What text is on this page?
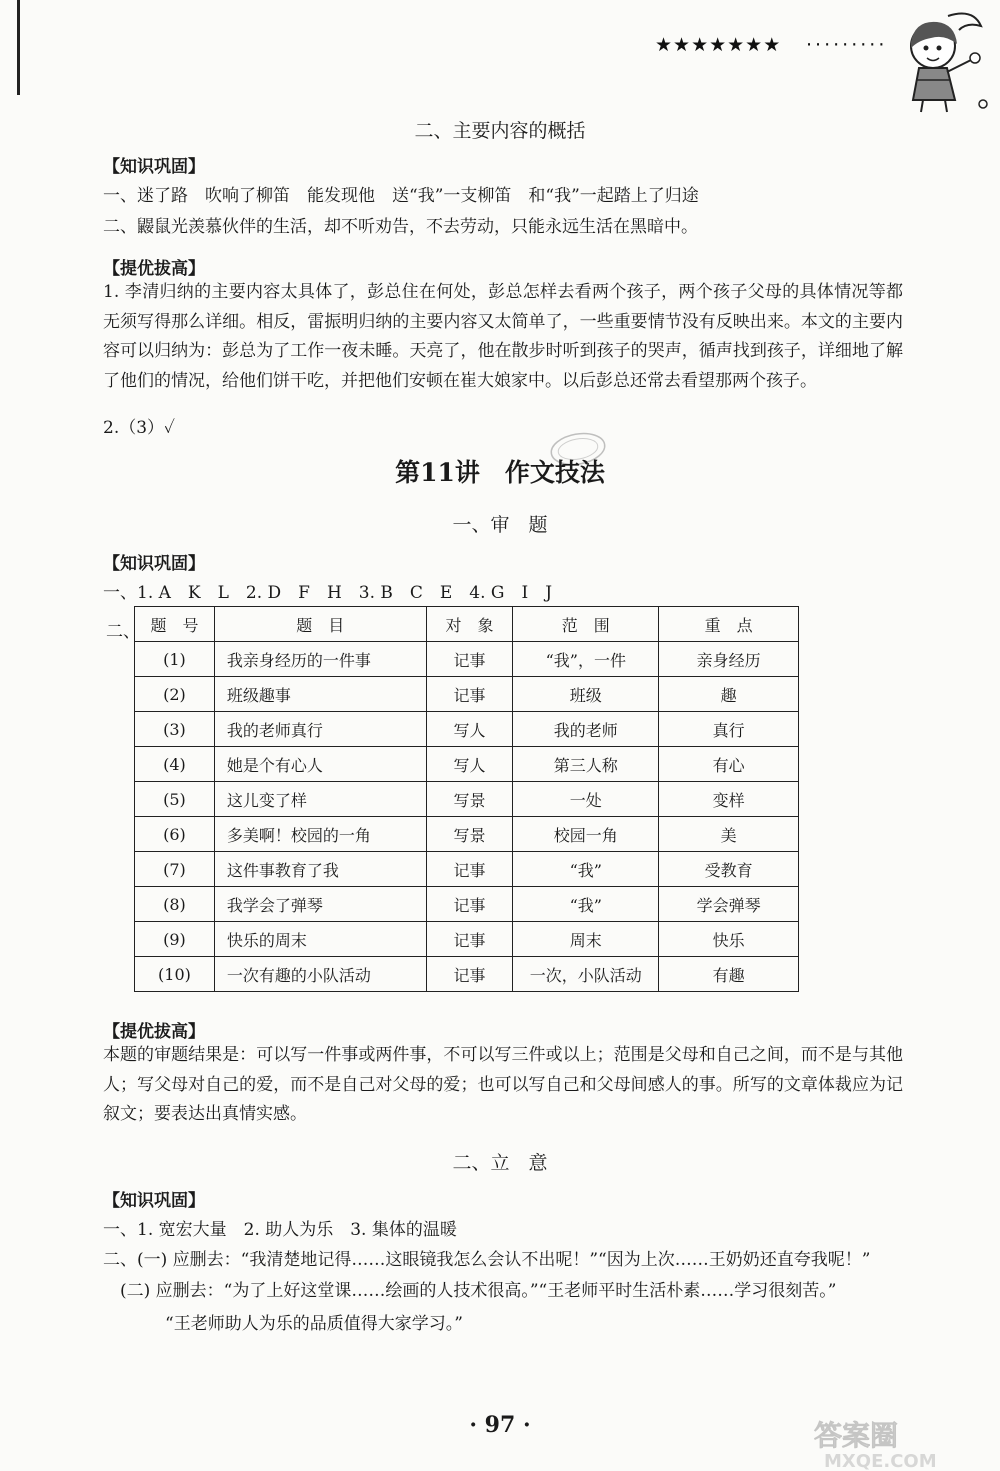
★★★★★★★ ·········
二、主要内容的概括
【知识巩固】
一、迷了路　吹响了柳笛　能发现他　送“我”一支柳笛　和“我”一起踏上了归途
二、鼹鼠光羡慕伙伴的生活，却不听劝告，不去劳动，只能永远生活在黑暗中。
【提优拔高】
1. 李清归纳的主要内容太具体了，彭总住在何处，彭总怎样去看两个孩子，两个孩子父母的具体情况等都无须写得那么详细。相反，雷振明归纳的主要内容又太简单了，一些重要情节没有反映出来。本文的主要内容可以归纳为：彭总为了工作一夜未睡。天亮了，他在散步时听到孩子的哭声，循声找到孩子，详细地了解了他们的情况，给他们饼干吃，并把他们安顿在崔大娘家中。以后彭总还常去看望那两个孩子。
2.（3）✓
第11讲　作文技法
一、审　题
【知识巩固】
一、1. A　K　L　2. D　F　H　3. B　C　E　4. G　I　J
二、 题　号	题　目	对　象	范　围	重　点
(1)	我亲身经历的一件事	记事	“我”，一件	亲身经历
(2)	班级趣事	记事	班级	趣
(3)	我的老师真行	写人	我的老师	真行
(4)	她是个有心人	写人	第三人称	有心
(5)	这儿变了样	写景	一处	变样
(6)	多美啊！校园的一角	写景	校园一角	美
(7)	这件事教育了我	记事	“我”	受教育
(8)	我学会了弹琴	记事	“我”	学会弹琴
(9)	快乐的周末	记事	周末	快乐
(10)	一次有趣的小队活动	记事	一次，小队活动	有趣
【提优拔高】
本题的审题结果是：可以写一件事或两件事，不可以写三件或以上；范围是父母和自己之间，而不是与其他人；写父母对自己的爱，而不是自己对父母的爱；也可以写自己和父母间感人的事。所写的文章体裁应为记叙文；要表达出真情实感。
二、立　意
【知识巩固】
一、1. 宽宏大量　2. 助人为乐　3. 集体的温暖
二、(一) 应删去：“我清楚地记得……这眼镜我怎么会认不出呢！”“因为上次……王奶奶还直夸我呢！”
(二) 应删去：“为了上好这堂课……绘画的人技术很高。”“王老师平时生活朴素……学习很刻苦。”
“王老师助人为乐的品质值得大家学习。”
· 97 ·	答案圈
MXQE.COM
